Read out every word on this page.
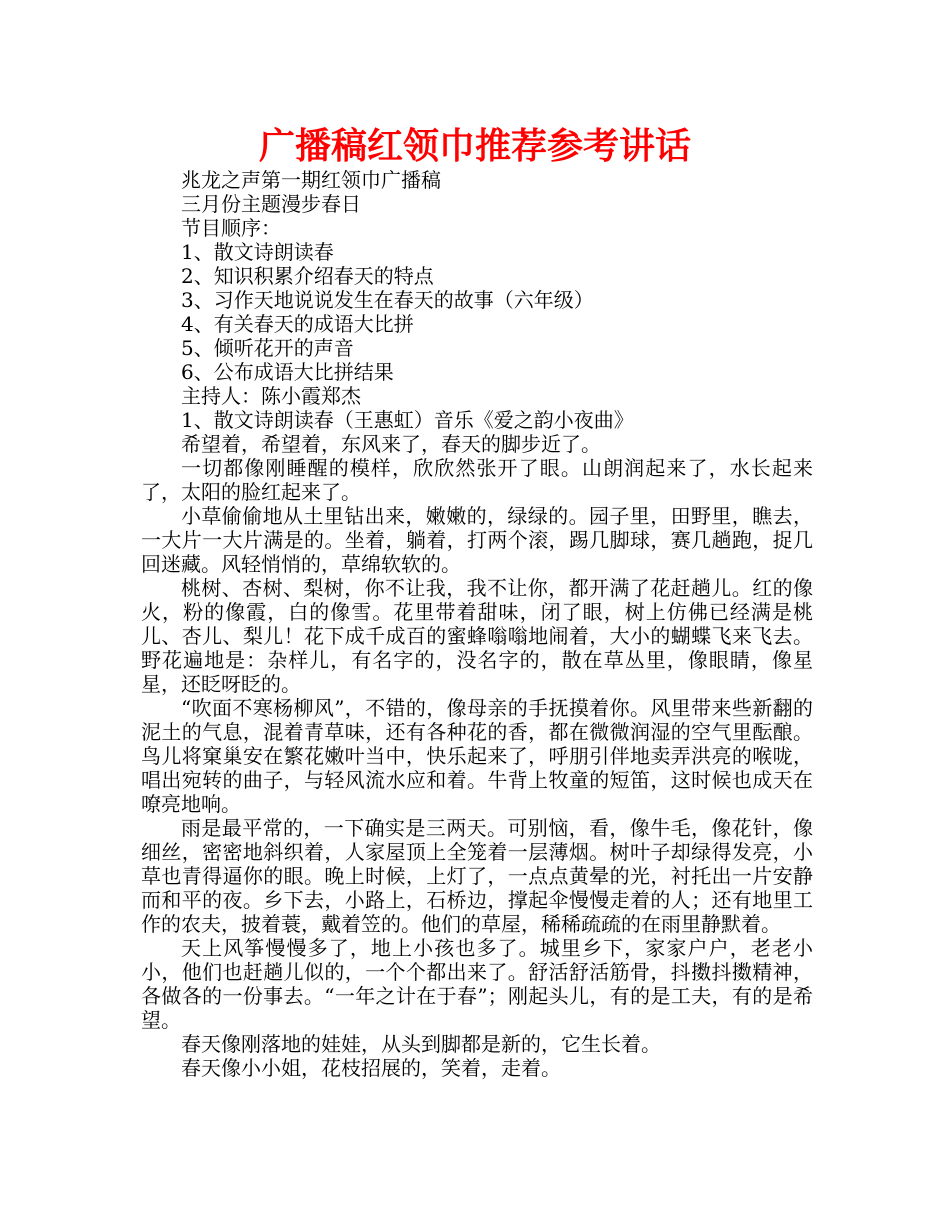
广播稿红领巾推荐参考讲话

兆龙之声第一期红领巾广播稿

三月份主题漫步春日

节目顺序：

1、散文诗朗读春

2、知识积累介绍春天的特点

3、习作天地说说发生在春天的故事（六年级）

4、有关春天的成语大比拼

5、倾听花开的声音

6、公布成语大比拼结果

主持人：陈小霞郑杰

1、散文诗朗读春（王惠虹）音乐《爱之韵小夜曲》

希望着，希望着，东风来了，春天的脚步近了。

一切都像刚睡醒的模样，欣欣然张开了眼。山朗润起来了，水长起来了，太阳的脸红起来了。

小草偷偷地从土里钻出来，嫩嫩的，绿绿的。园子里，田野里，瞧去，一大片一大片满是的。坐着，躺着，打两个滚，踢几脚球，赛几趟跑，捉几回迷藏。风轻悄悄的，草绵软软的。

桃树、杏树、梨树，你不让我，我不让你，都开满了花赶趟儿。红的像火，粉的像霞，白的像雪。花里带着甜味，闭了眼，树上仿佛已经满是桃儿、杏儿、梨儿！花下成千成百的蜜蜂嗡嗡地闹着，大小的蝴蝶飞来飞去。野花遍地是：杂样儿，有名字的，没名字的，散在草丛里，像眼睛，像星星，还眨呀眨的。

“吹面不寒杨柳风”，不错的，像母亲的手抚摸着你。风里带来些新翻的泥土的气息，混着青草味，还有各种花的香，都在微微润湿的空气里酝酿。鸟儿将窠巢安在繁花嫩叶当中，快乐起来了，呼朋引伴地卖弄洪亮的喉咙，唱出宛转的曲子，与轻风流水应和着。牛背上牧童的短笛，这时候也成天在嘹亮地响。

雨是最平常的，一下确实是三两天。可别恼，看，像牛毛，像花针，像细丝，密密地斜织着，人家屋顶上全笼着一层薄烟。树叶子却绿得发亮，小草也青得逼你的眼。晚上时候，上灯了，一点点黄晕的光，衬托出一片安静而和平的夜。乡下去，小路上，石桥边，撑起伞慢慢走着的人；还有地里工作的农夫，披着蓑，戴着笠的。他们的草屋，稀稀疏疏的在雨里静默着。

天上风筝慢慢多了，地上小孩也多了。城里乡下，家家户户，老老小小，他们也赶趟儿似的，一个个都出来了。舒活舒活筋骨，抖擞抖擞精神，各做各的一份事去。“一年之计在于春”；刚起头儿，有的是工夫，有的是希望。

春天像刚落地的娃娃，从头到脚都是新的，它生长着。

春天像小小姐，花枝招展的，笑着，走着。
